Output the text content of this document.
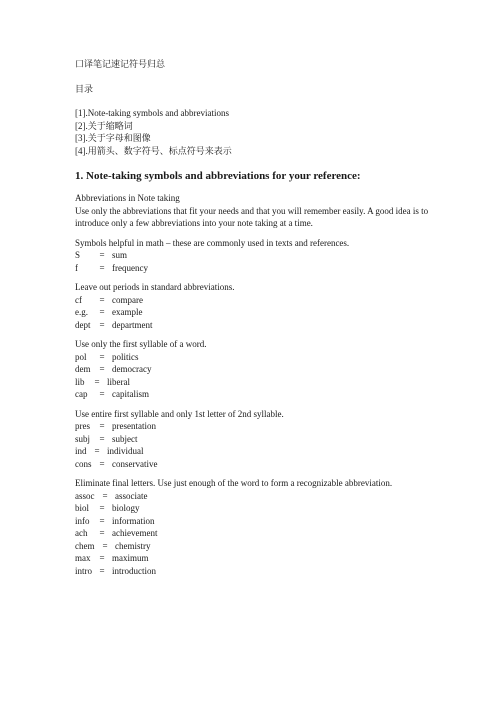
口译笔记速记符号归总
目录
[1].Note-taking symbols and abbreviations
[2].关于缩略词
[3].关于字母和图像
[4].用箭头、数字符号、标点符号来表示
1. Note-taking symbols and abbreviations for your reference:
Abbreviations in Note taking
Use only the abbreviations that fit your needs and that you will remember easily. A good idea is to introduce only a few abbreviations into your note taking at a time.
Symbols helpful in math – these are commonly used in texts and references.
S = sum
f = frequency
Leave out periods in standard abbreviations.
cf = compare
e.g. = example
dept = department
Use only the first syllable of a word.
pol = politics
dem = democracy
lib = liberal
cap = capitalism
Use entire first syllable and only 1st letter of 2nd syllable.
pres = presentation
subj = subject
ind = individual
cons = conservative
Eliminate final letters. Use just enough of the word to form a recognizable abbreviation.
assoc = associate
biol = biology
info = information
ach = achievement
chem = chemistry
max = maximum
intro = introduction
